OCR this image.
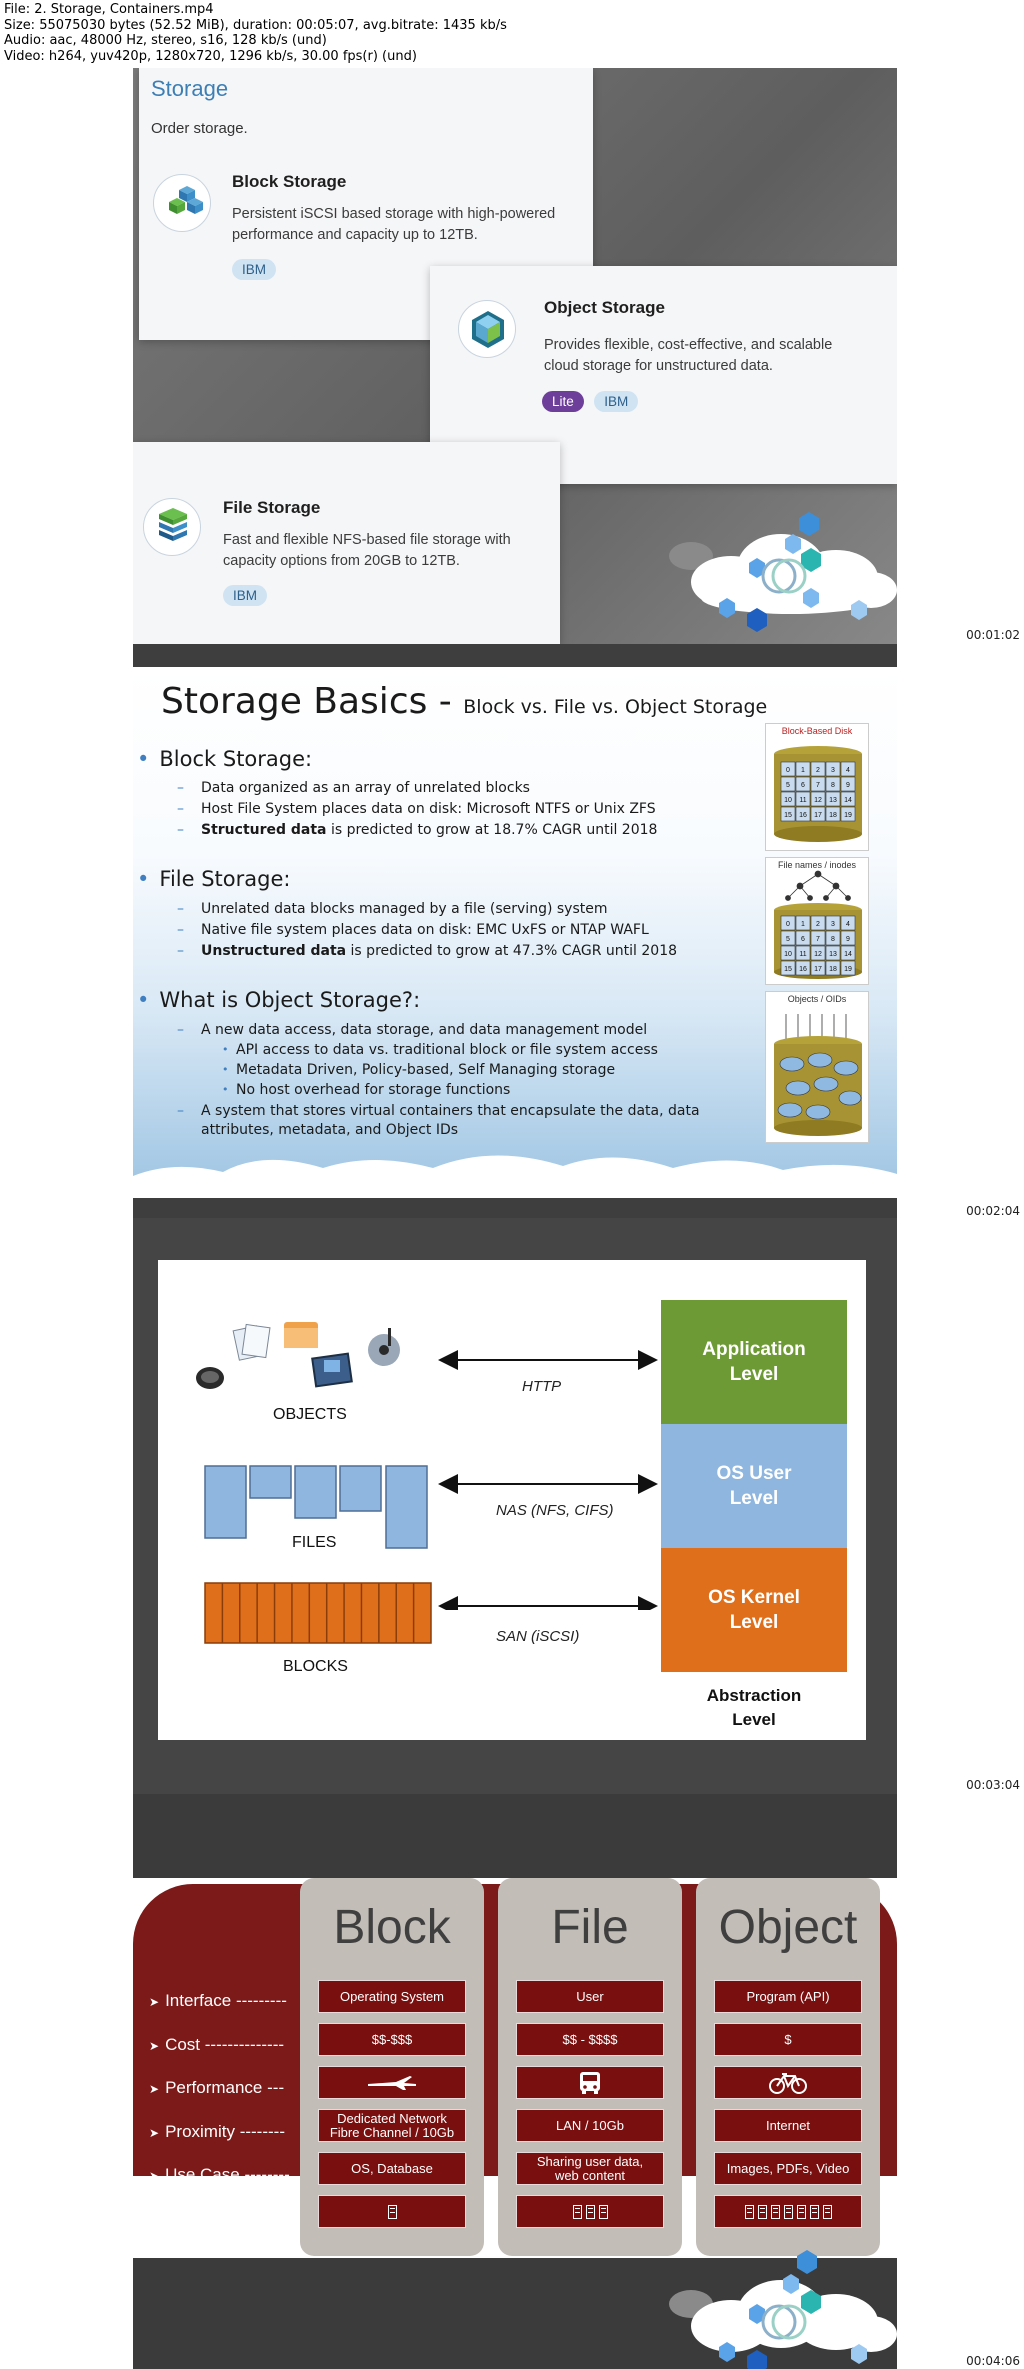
File: 2. Storage, Containers.mp4
Size: 55075030 bytes (52.52 MiB), duration: 00:05:07, avg.bitrate: 1435 kb/s
Audio: aac, 48000 Hz, stereo, s16, 128 kb/s (und)
Video: h264, yuv420p, 1280x720, 1296 kb/s, 30.00 fps(r) (und)
Storage
Order storage.
Block Storage
Persistent iSCSI based storage with high-powered
performance and capacity up to 12TB.
IBM
Object Storage
Provides flexible, cost-effective, and scalable
cloud storage for unstructured data.
Lite IBM
File Storage
Fast and flexible NFS-based file storage with
capacity options from 20GB to 12TB.
IBM
00:01:02
Storage Basics - Block vs. File vs. Object Storage
• Block Storage:
– Data organized as an array of unrelated blocks
– Host File System places data on disk: Microsoft NTFS or Unix ZFS
– Structured data is predicted to grow at 18.7% CAGR until 2018
• File Storage:
– Unrelated data blocks managed by a file (serving) system
– Native file system places data on disk: EMC UxFS or NTAP WAFL
– Unstructured data is predicted to grow at 47.3% CAGR until 2018
• What is Object Storage?:
– A new data access, data storage, and data management model
• API access to data vs. traditional block or file system access
• Metadata Driven, Policy-based, Self Managing storage
• No host overhead for storage functions
– A system that stores virtual containers that encapsulate the data, data
attributes, metadata, and Object IDs
Block-Based Disk
0 1 2 3 4
5 6 7 8 9
10 11 12 13 14
15 16 17 18 19
File names / inodes
0 1 2 3 4
5 6 7 8 9
10 11 12 13 14
15 16 17 18 19
Objects / OIDs
00:02:04
OBJECTS
FILES
BLOCKS
HTTP
NAS (NFS, CIFS)
SAN (iSCSI)
Application
Level
OS User
Level
OS Kernel
Level
Abstraction
Level
00:03:04
Block	File	Object
➤ Interface ---------
➤ Cost --------------
➤ Performance ---
➤ Proximity --------
➤ Use Case --------
➤ Scale -------------
Operating System
$$-$$$
Dedicated Network
Fibre Channel / 10Gb
OS, Database
User
$$ - $$$$
LAN / 10Gb
Sharing user data,
web content
Program (API)
$
Internet
Images, PDFs, Video
00:04:06
